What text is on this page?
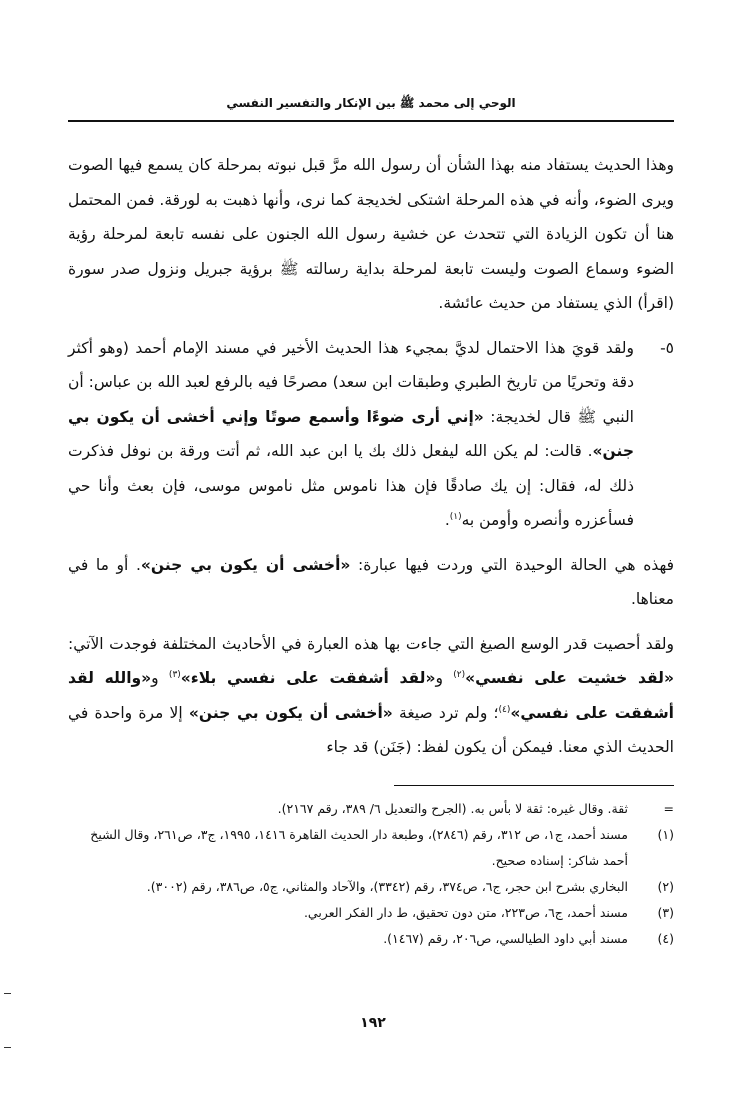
الوحي إلى محمد ﷺ بين الإنكار والتفسير النفسي

وهذا الحديث يستفاد منه بهذا الشأن أن رسول الله مرَّ قبل نبوته بمرحلة كان يسمع فيها الصوت ويرى الضوء، وأنه في هذه المرحلة اشتكى لخديجة كما نرى، وأنها ذهبت به لورقة. فمن المحتمل هنا أن تكون الزيادة التي تتحدث عن خشية رسول الله الجنون على نفسه تابعة لمرحلة رؤية الضوء وسماع الصوت وليست تابعة لمرحلة بداية رسالته ﷺ برؤية جبريل ونزول صدر سورة (اقرأ) الذي يستفاد من حديث عائشة.

٥-

ولقد قويَ هذا الاحتمال لديَّ بمجيء هذا الحديث الأخير في مسند الإمام أحمد (وهو أكثر دقة وتحريًا من تاريخ الطبري وطبقات ابن سعد) مصرحًا فيه بالرفع لعبد الله بن عباس: أن النبي ﷺ قال لخديجة: «إني أرى ضوءًا وأسمع صوتًا وإني أخشى أن يكون بي جنن». قالت: لم يكن الله ليفعل ذلك بك يا ابن عبد الله، ثم أتت ورقة بن نوفل فذكرت ذلك له، فقال: إن يك صادقًا فإن هذا ناموس مثل ناموس موسى، فإن بعث وأنا حي فسأعزره وأنصره وأومن به$^{(١)}$.

فهذه هي الحالة الوحيدة التي وردت فيها عبارة: «أخشى أن يكون بي جنن». أو ما في معناها.

ولقد أحصيت قدر الوسع الصيغ التي جاءت بها هذه العبارة في الأحاديث المختلفة فوجدت الآتي: «لقد خشيت على نفسي»$^{(٢)}$ و«لقد أشفقت على نفسي بلاء»$^{(٣)}$ و«والله لقد أشفقت على نفسي»$^{(٤)}$؛ ولم ترد صيغة «أخشى أن يكون بي جنن» إلا مرة واحدة في الحديث الذي معنا. فيمكن أن يكون لفظ: (جَنَن) قد جاء

=
ثقة. وقال غيره: ثقة لا بأس به. (الجرح والتعديل ٦/ ٣٨٩، رقم ٢١٦٧).
(١)
مسند أحمد، ج١، ص ٣١٢، رقم (٢٨٤٦)، وطبعة دار الحديث القاهرة ١٤١٦، ١٩٩٥، ج٣، ص٢٦١، وقال الشيخ أحمد شاكر: إسناده صحيح.
(٢)
البخاري بشرح ابن حجر، ج٦، ص٣٧٤، رقم (٣٣٤٢)، والآحاد والمثاني، ج٥، ص٣٨٦، رقم (٣٠٠٢).
(٣)
مسند أحمد، ج٦، ص٢٢٣، متن دون تحقيق، ط دار الفكر العربي.
(٤)
مسند أبي داود الطيالسي، ص٢٠٦، رقم (١٤٦٧).
١٩٢
